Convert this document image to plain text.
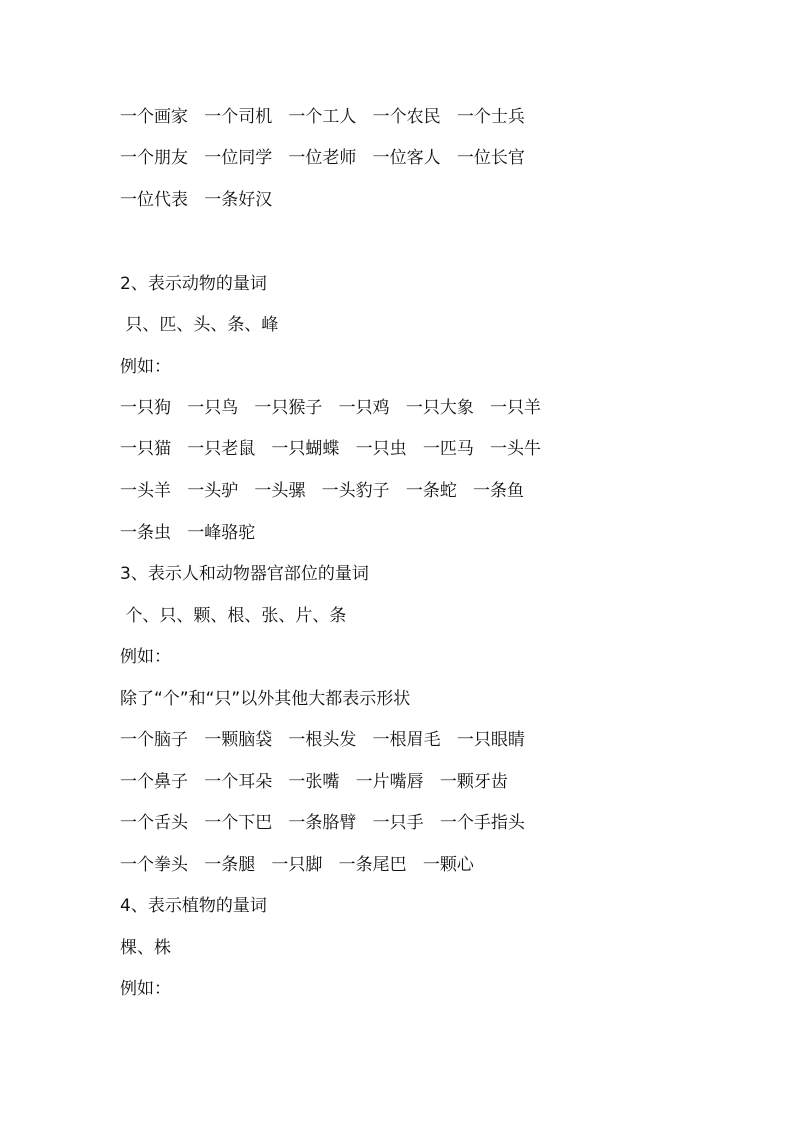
一个画家   一个司机   一个工人   一个农民   一个士兵
一个朋友   一位同学   一位老师   一位客人   一位长官
一位代表   一条好汉
2、表示动物的量词
只、匹、头、条、峰
例如：
一只狗   一只鸟   一只猴子   一只鸡   一只大象   一只羊
一只猫   一只老鼠   一只蝴蝶   一只虫   一匹马   一头牛
一头羊   一头驴   一头骡   一头豹子   一条蛇   一条鱼
一条虫   一峰骆驼
3、表示人和动物器官部位的量词
个、只、颗、根、张、片、条
例如：
除了“个”和“只”以外其他大都表示形状
一个脑子   一颗脑袋   一根头发   一根眉毛   一只眼睛
一个鼻子   一个耳朵   一张嘴   一片嘴唇   一颗牙齿
一个舌头   一个下巴   一条胳臂   一只手   一个手指头
一个拳头   一条腿   一只脚   一条尾巴   一颗心
4、表示植物的量词
棵、株
例如：
